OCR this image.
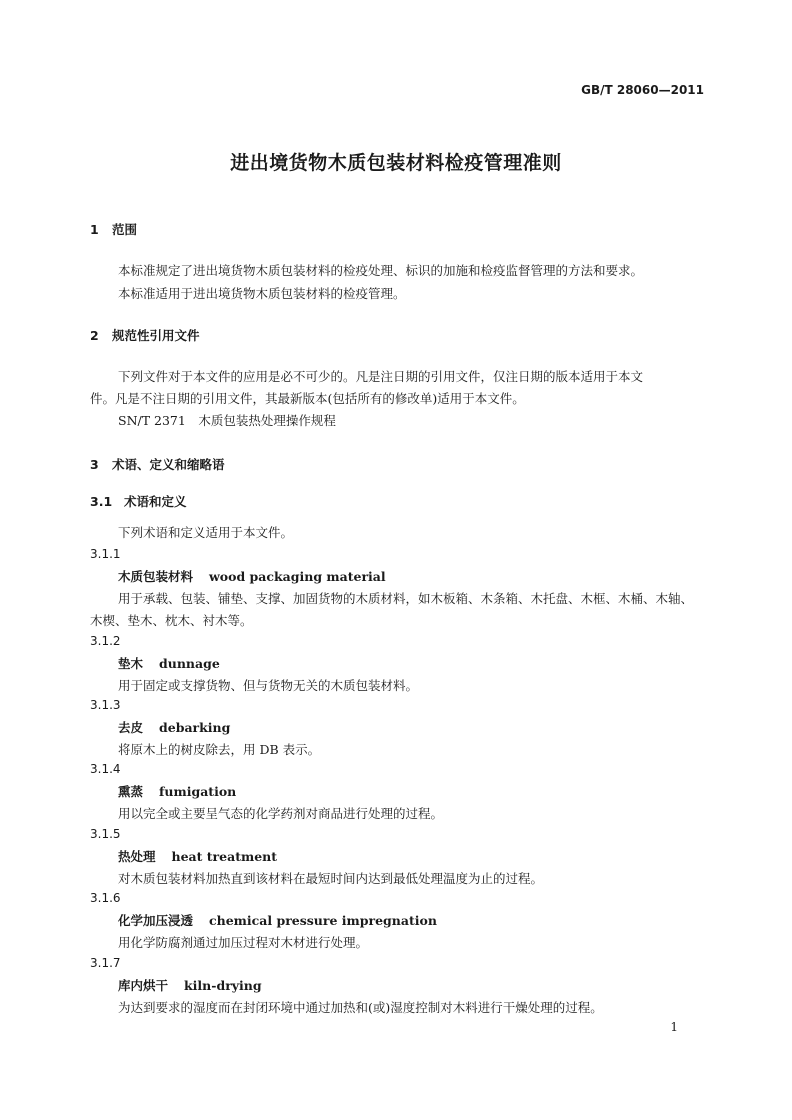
GB/T 28060—2011
进出境货物木质包装材料检疫管理准则
1 范围
本标准规定了进出境货物木质包装材料的检疫处理、标识的加施和检疫监督管理的方法和要求。
本标准适用于进出境货物木质包装材料的检疫管理。
2 规范性引用文件
下列文件对于本文件的应用是必不可少的。凡是注日期的引用文件，仅注日期的版本适用于本文
件。凡是不注日期的引用文件，其最新版本(包括所有的修改单)适用于本文件。
SN/T 2371　木质包装热处理操作规程
3 术语、定义和缩略语
3.1 术语和定义
下列术语和定义适用于本文件。
3.1.1
木质包装材料 wood packaging material
用于承载、包装、铺垫、支撑、加固货物的木质材料，如木板箱、木条箱、木托盘、木框、木桶、木轴、
木楔、垫木、枕木、衬木等。
3.1.2
垫木 dunnage
用于固定或支撑货物、但与货物无关的木质包装材料。
3.1.3
去皮 debarking
将原木上的树皮除去，用 DB 表示。
3.1.4
熏蒸 fumigation
用以完全或主要呈气态的化学药剂对商品进行处理的过程。
3.1.5
热处理 heat treatment
对木质包装材料加热直到该材料在最短时间内达到最低处理温度为止的过程。
3.1.6
化学加压浸透 chemical pressure impregnation
用化学防腐剂通过加压过程对木材进行处理。
3.1.7
库内烘干 kiln-drying
为达到要求的湿度而在封闭环境中通过加热和(或)湿度控制对木料进行干燥处理的过程。
1
